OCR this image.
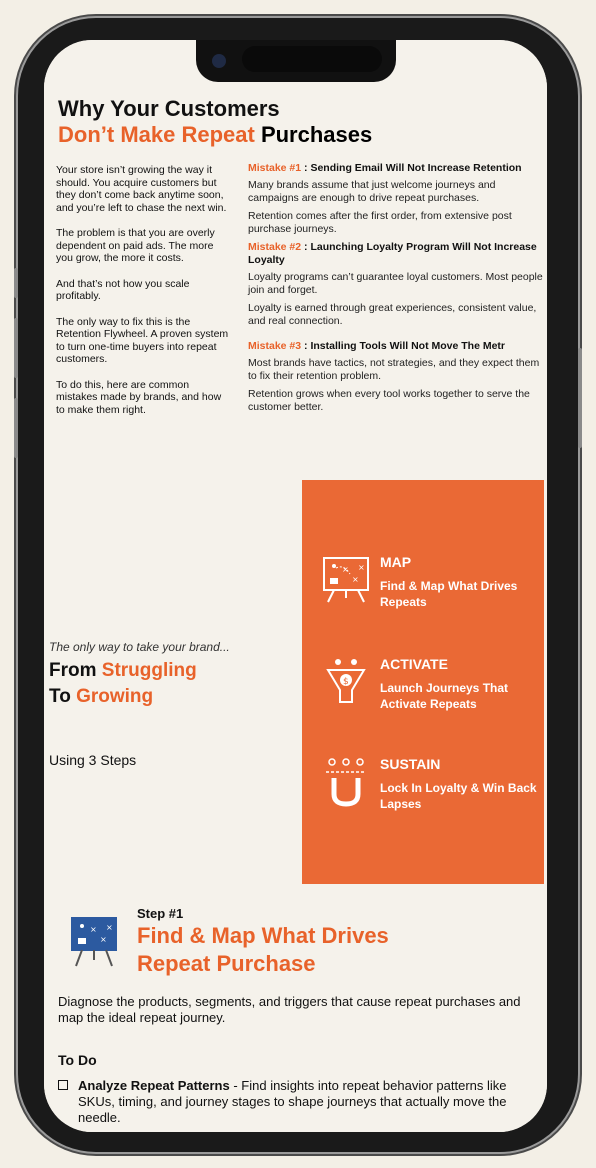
Why Your Customers
Don’t Make Repeat Purchases

Your store isn’t growing the way it should. You acquire customers but they don’t come back anytime soon, and you’re left to chase the next win.

The problem is that you are overly dependent on paid ads. The more you grow, the more it costs.

And that’s not how you scale profitably.

The only way to fix this is the Retention Flywheel. A proven system to turn one-time buyers into repeat customers.

To do this, here are common mistakes made by brands, and how to make them right.

Mistake #1 : Sending Email Will Not Increase Retention

Many brands assume that just welcome journeys and campaigns are enough to drive repeat purchases.

Retention comes after the first order, from extensive post purchase journeys.

Mistake #2 : Launching Loyalty Program Will Not Increase Loyalty

Loyalty programs can’t guarantee loyal customers. Most people join and forget.

Loyalty is earned through great experiences, consistent value, and real connection.

Mistake #3 : Installing Tools Will Not Move The Metr

Most brands have tactics, not strategies, and they expect them to fix their retention problem.

Retention grows when every tool works together to serve the customer better.

The only way to take your brand...
From Struggling
To Growing
Using 3 Steps
×
×
× MAP
Find & Map What Drives Repeats
$
ACTIVATE
Launch Journeys That Activate Repeats
SUSTAIN
Lock In Loyalty & Win Back Lapses
×
×
×
Step #1
Find & Map What Drives Repeat Purchase
Diagnose the products, segments, and triggers that cause repeat purchases and map the ideal repeat journey.
To Do
Analyze Repeat Patterns - Find insights into repeat behavior patterns like SKUs, timing, and journey stages to shape journeys that actually move the needle.
